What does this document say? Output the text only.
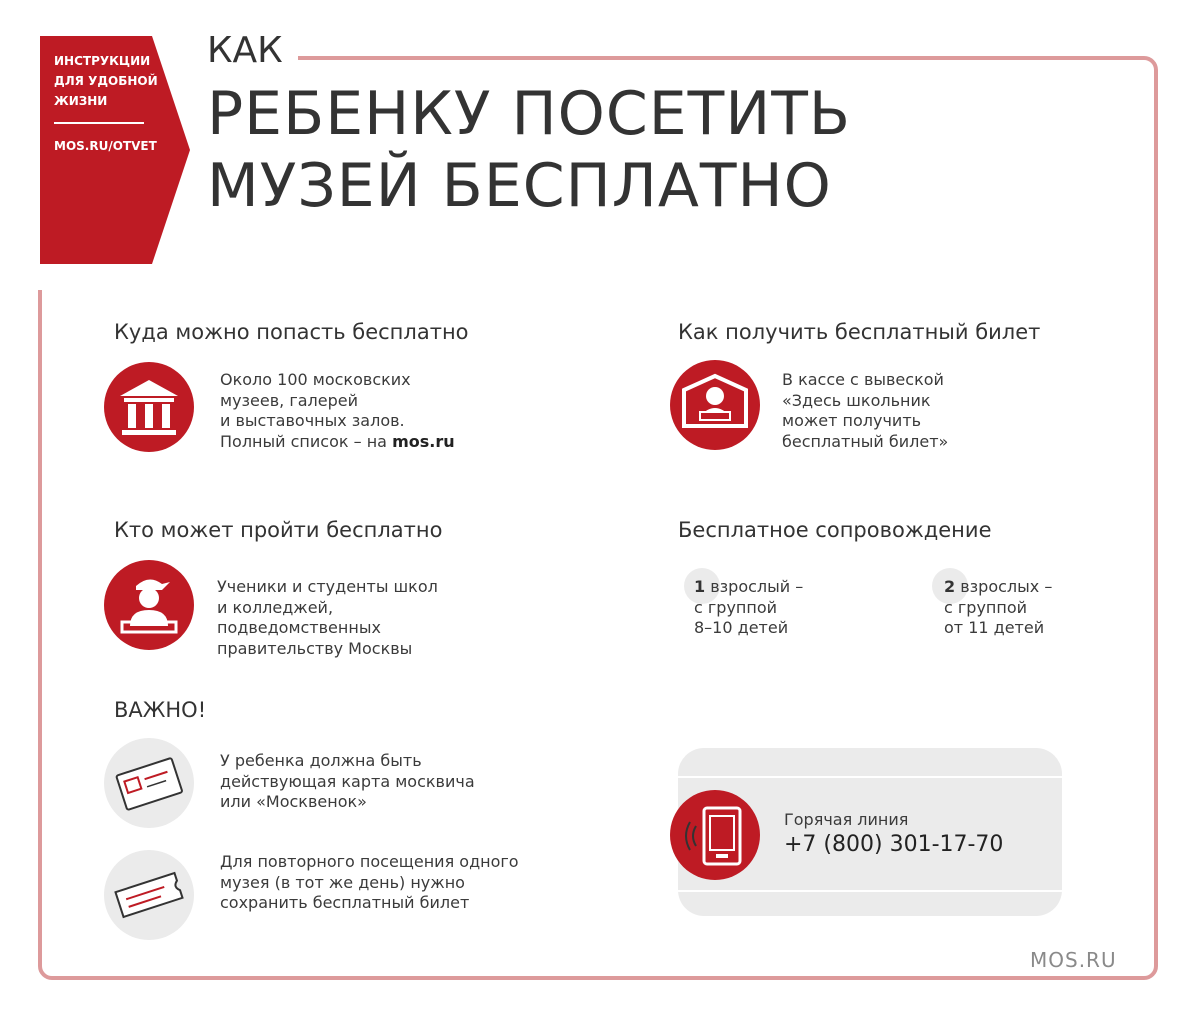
ИНСТРУКЦИИ
ДЛЯ УДОБНОЙ
ЖИЗНИ
MOS.RU/OTVET
КАК
РЕБЕНКУ ПОСЕТИТЬ
МУЗЕЙ БЕСПЛАТНО
Куда можно попасть бесплатно
Около 100 московских
музеев, галерей
и выставочных залов.
Полный список – на mos.ru
Как получить бесплатный билет
В кассе с вывеской
«Здесь школьник
может получить
бесплатный билет»
Кто может пройти бесплатно
Ученики и студенты школ
и колледжей,
подведомственных
правительству Москвы
Бесплатное сопровождение
1 взрослый –
с группой
8–10 детей
2 взрослых –
с группой
от 11 детей
ВАЖНО!
У ребенка должна быть
действующая карта москвича
или «Москвенок»
Для повторного посещения одного
музея (в тот же день) нужно
сохранить бесплатный билет
Горячая линия
+7 (800) 301-17-70
MOS.RU
